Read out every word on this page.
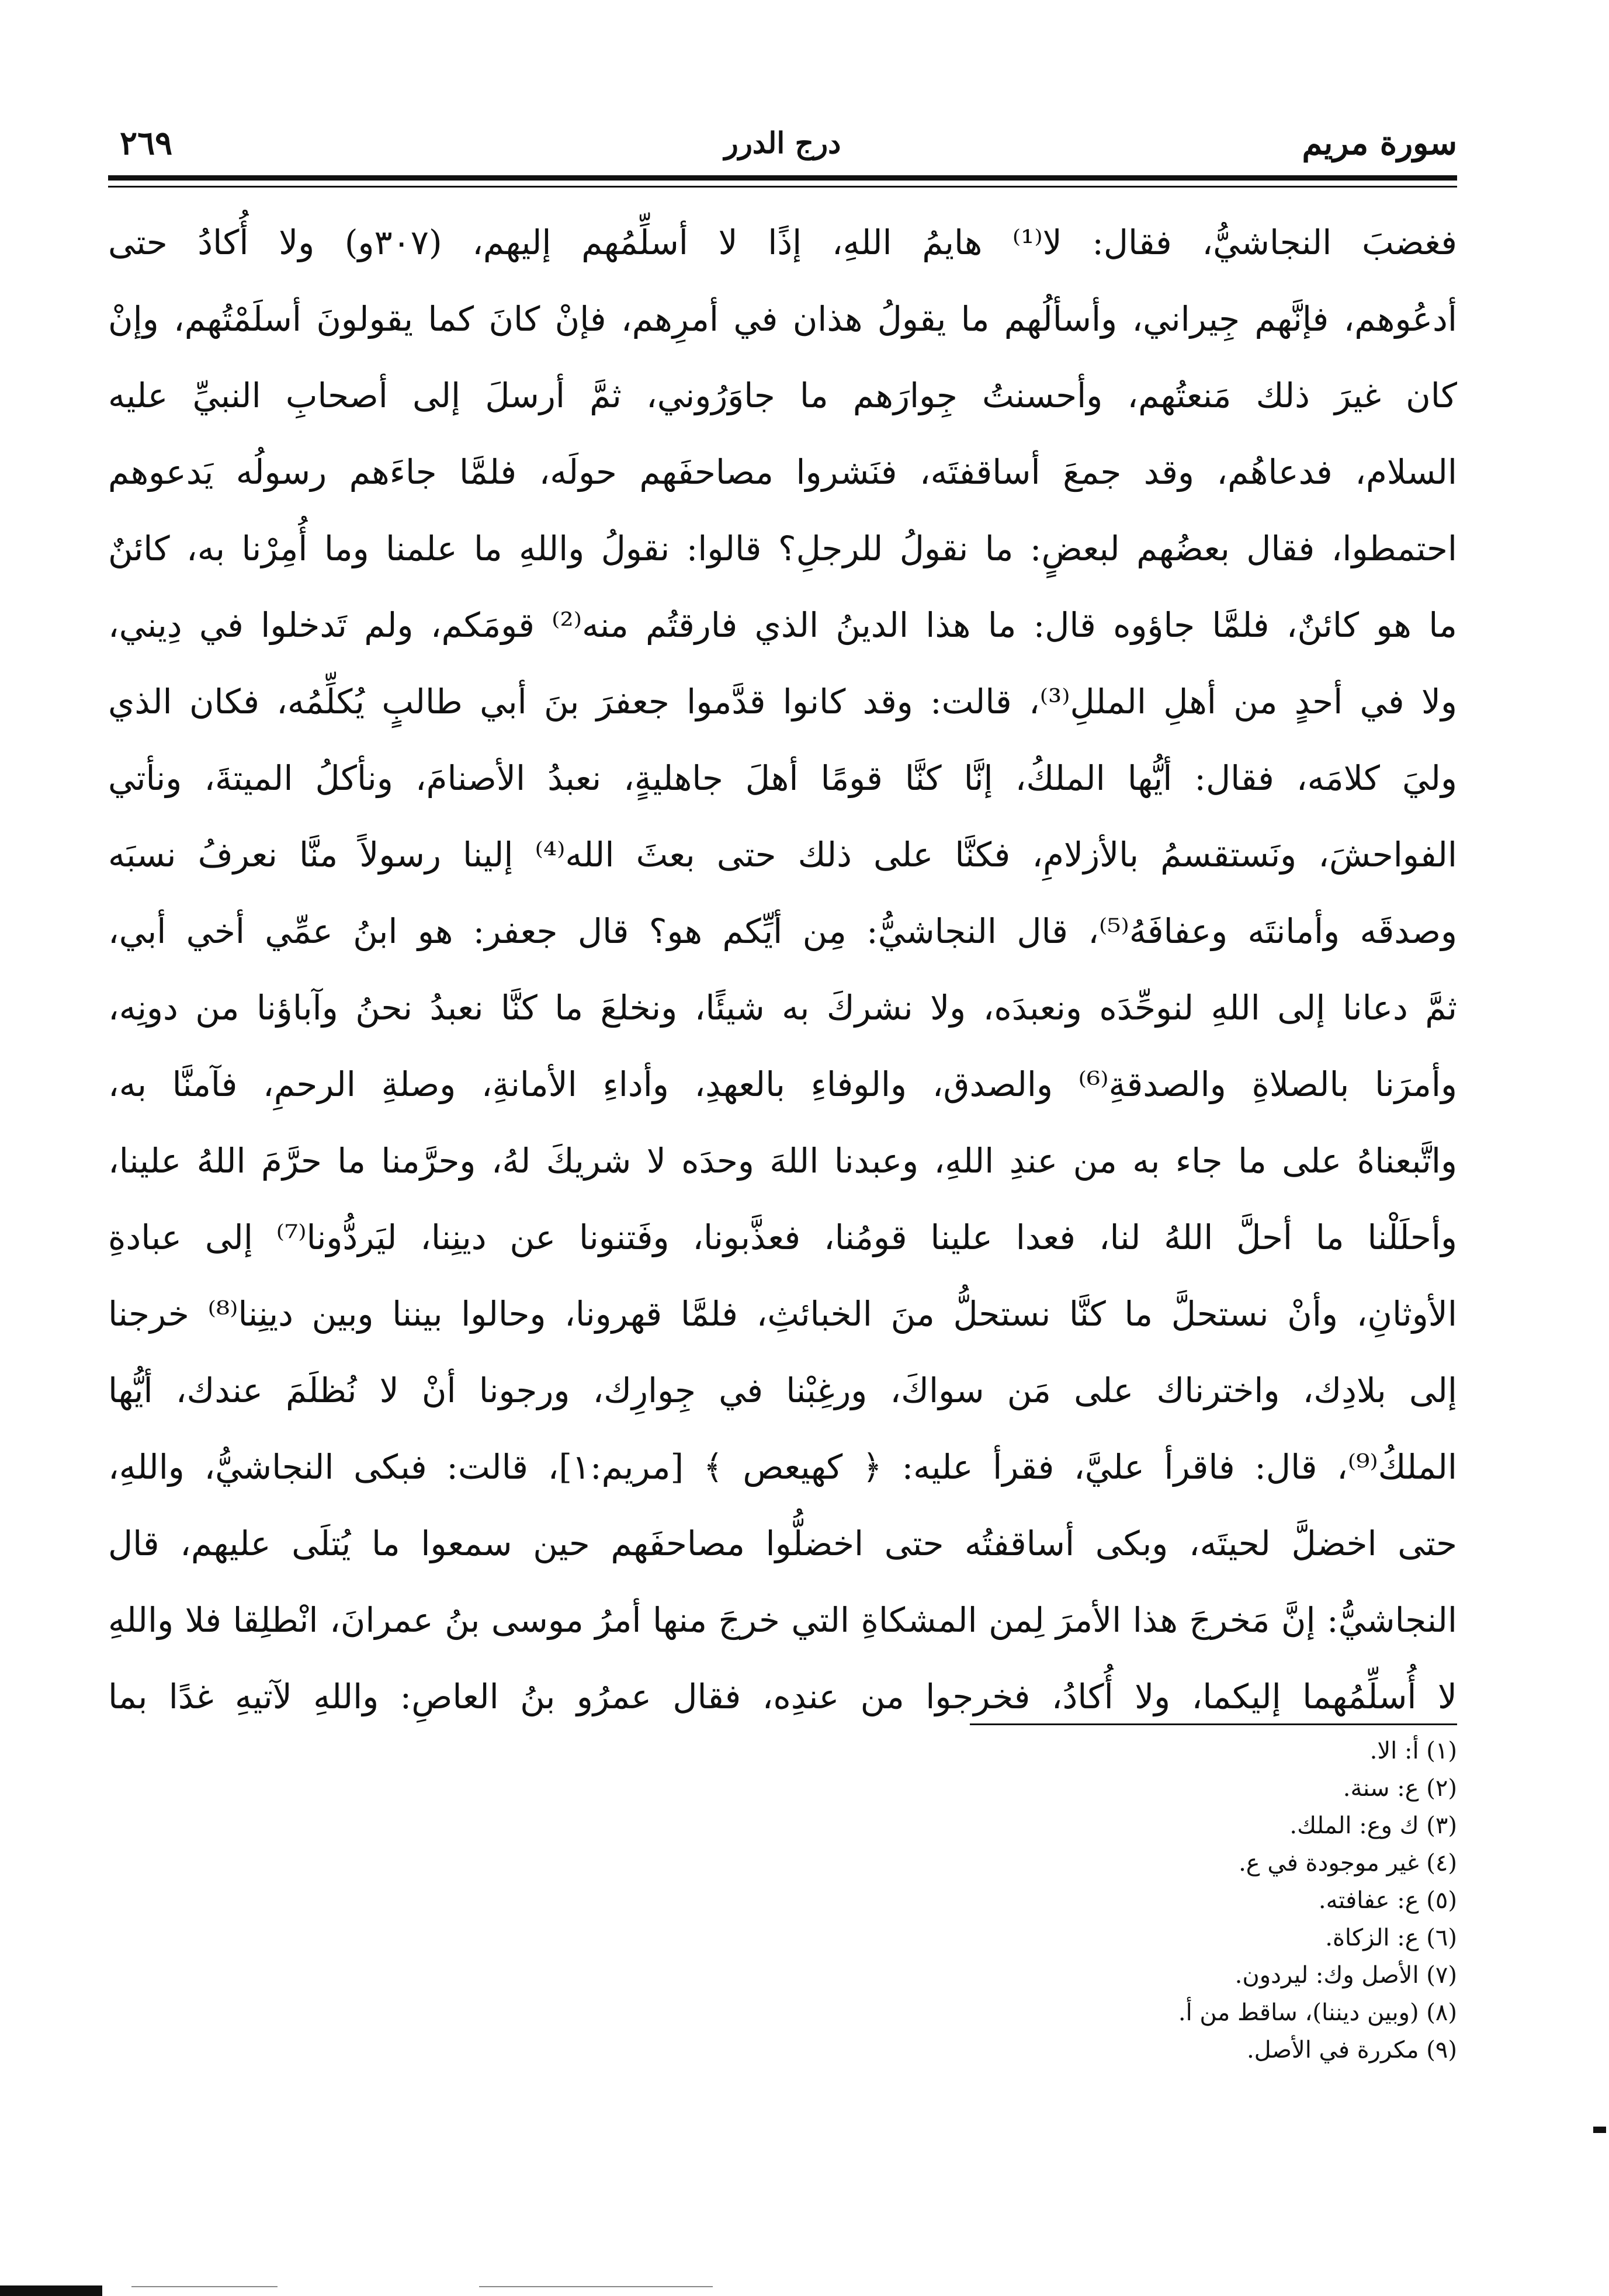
سورة مريم
درج الدرر
٢٦٩
فغضبَ النجاشيُّ، فقال: لا⁽¹⁾ هايمُ اللهِ، إذًا لا أسلِّمُهم إليهم، (٣٠٧و) ولا أُكادُ حتى
أدعُوهم، فإنَّهم جِيراني، وأسألُهم ما يقولُ هذان في أمرِهم، فإنْ كانَ كما يقولونَ أسلَمْتُهم، وإنْ
كان غيرَ ذلك مَنعتُهم، وأحسنتُ جِوارَهم ما جاوَرُوني، ثمَّ أرسلَ إلى أصحابِ النبيِّ عليه
السلام، فدعاهُم، وقد جمعَ أساقفتَه، فنَشروا مصاحفَهم حولَه، فلمَّا جاءَهم رسولُه يَدعوهم
احتمطوا، فقال بعضُهم لبعضٍ: ما نقولُ للرجلِ؟ قالوا: نقولُ واللهِ ما علمنا وما أُمِرْنا به، كائنٌ
ما هو كائنٌ، فلمَّا جاؤوه قال: ما هذا الدينُ الذي فارقتُم منه⁽²⁾ قومَكم، ولم تَدخلوا في دِيني،
ولا في أحدٍ من أهلِ المللِ⁽³⁾، قالت: وقد كانوا قدَّموا جعفرَ بنَ أبي طالبٍ يُكلِّمُه، فكان الذي
وليَ كلامَه، فقال: أيُّها الملكُ، إنَّا كنَّا قومًا أهلَ جاهليةٍ، نعبدُ الأصنامَ، ونأكلُ الميتةَ، ونأتي
الفواحشَ، ونَستقسمُ بالأزلامِ، فكنَّا على ذلك حتى بعثَ الله⁽⁴⁾ إلينا رسولاً منَّا نعرفُ نسبَه
وصدقَه وأمانتَه وعفافَهُ⁽⁵⁾، قال النجاشيُّ: مِن أيِّكم هو؟ قال جعفر: هو ابنُ عمِّي أخي أبي،
ثمَّ دعانا إلى اللهِ لنوحِّدَه ونعبدَه، ولا نشركَ به شيئًا، ونخلعَ ما كنَّا نعبدُ نحنُ وآباؤنا من دونِه،
وأمرَنا بالصلاةِ والصدقةِ⁽⁶⁾ والصدق، والوفاءِ بالعهدِ، وأداءِ الأمانةِ، وصلةِ الرحمِ، فآمنَّا به،
واتَّبعناهُ على ما جاء به من عندِ اللهِ، وعبدنا اللهَ وحدَه لا شريكَ لهُ، وحرَّمنا ما حرَّمَ اللهُ علينا،
وأحلَلْنا ما أحلَّ اللهُ لنا، فعدا علينا قومُنا، فعذَّبونا، وفَتنونا عن دينِنا، ليَردُّونا⁽⁷⁾ إلى عبادةِ
الأوثانِ، وأنْ نستحلَّ ما كنَّا نستحلُّ منَ الخبائثِ، فلمَّا قهرونا، وحالوا بيننا وبين دينِنا⁽⁸⁾ خرجنا
إلى بلادِك، واخترناك على مَن سواكَ، ورغِبْنا في جِوارِك، ورجونا أنْ لا نُظلَمَ عندك، أيُّها
الملكُ⁽⁹⁾، قال: فاقرأ عليَّ، فقرأ عليه: ﴿ كهيعص ﴾ [مريم:١]، قالت: فبكى النجاشيُّ، واللهِ،
حتى اخضلَّ لحيتَه، وبكى أساقفتُه حتى اخضلُّوا مصاحفَهم حين سمعوا ما يُتلَى عليهم، قال
النجاشيُّ: إنَّ مَخرجَ هذا الأمرَ لِمن المشكاةِ التي خرجَ منها أمرُ موسى بنُ عمرانَ، انْطلِقا فلا واللهِ
لا أُسلِّمُهما إليكما، ولا أُكادُ، فخرجوا من عندِه، فقال عمرُو بنُ العاصِ: واللهِ لآتيهِ غدًا بما
(١) أ: الا.
(٢) ع: سنة.
(٣) ك وع: الملك.
(٤) غير موجودة في ع.
(٥) ع: عفافته.
(٦) ع: الزكاة.
(٧) الأصل وك: ليردون.
(٨) (وبين ديننا)، ساقط من أ.
(٩) مكررة في الأصل.
